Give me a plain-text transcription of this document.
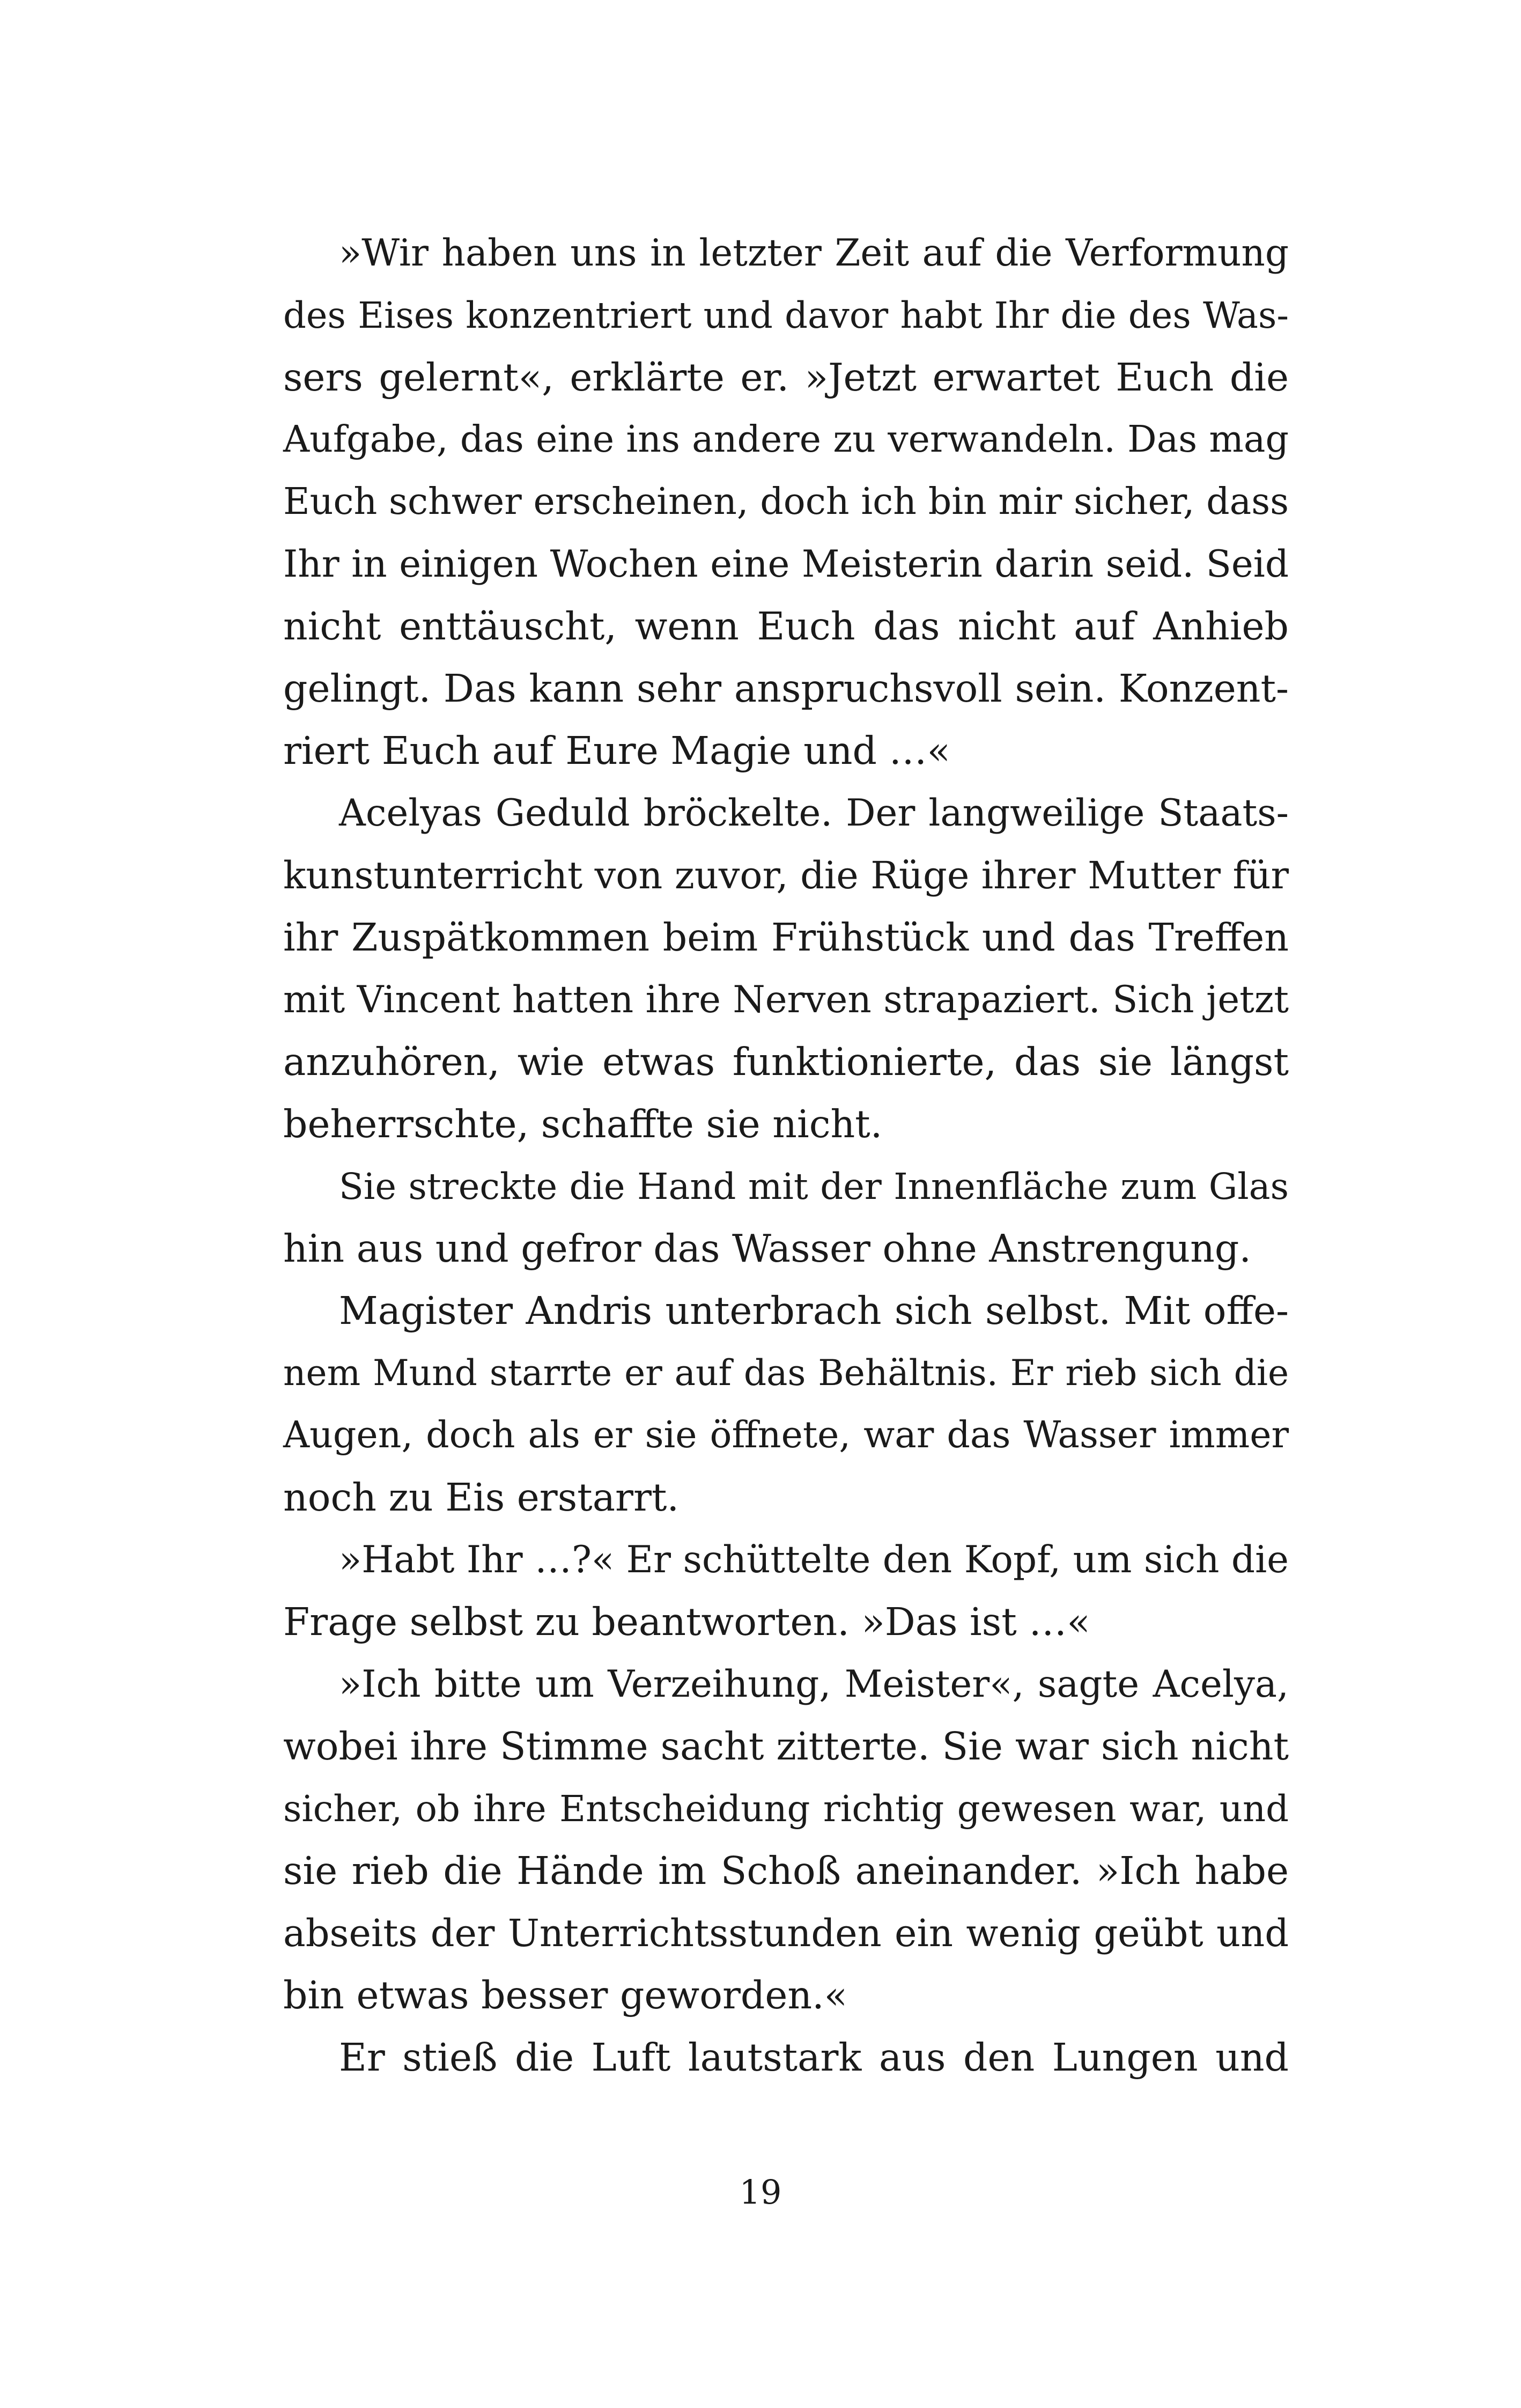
»Wir haben uns in letzter Zeit auf die Verformung
des Eises konzentriert und davor habt Ihr die des Was-
sers gelernt«, erklärte er. »Jetzt erwartet Euch die
Aufgabe, das eine ins andere zu verwandeln. Das mag
Euch schwer erscheinen, doch ich bin mir sicher, dass
Ihr in einigen Wochen eine Meisterin darin seid. Seid
nicht enttäuscht, wenn Euch das nicht auf Anhieb
gelingt. Das kann sehr anspruchsvoll sein. Konzent-
riert Euch auf Eure Magie und …«
Acelyas Geduld bröckelte. Der langweilige Staats-
kunstunterricht von zuvor, die Rüge ihrer Mutter für
ihr Zuspätkommen beim Frühstück und das Treffen
mit Vincent hatten ihre Nerven strapaziert. Sich jetzt
anzuhören, wie etwas funktionierte, das sie längst
beherrschte, schaffte sie nicht.
Sie streckte die Hand mit der Innenfläche zum Glas
hin aus und gefror das Wasser ohne Anstrengung.
Magister Andris unterbrach sich selbst. Mit offe-
nem Mund starrte er auf das Behältnis. Er rieb sich die
Augen, doch als er sie öffnete, war das Wasser immer
noch zu Eis erstarrt.
»Habt Ihr …?« Er schüttelte den Kopf, um sich die
Frage selbst zu beantworten. »Das ist …«
»Ich bitte um Verzeihung, Meister«, sagte Acelya,
wobei ihre Stimme sacht zitterte. Sie war sich nicht
sicher, ob ihre Entscheidung richtig gewesen war, und
sie rieb die Hände im Schoß aneinander. »Ich habe
abseits der Unterrichtsstunden ein wenig geübt und
bin etwas besser geworden.«
Er stieß die Luft lautstark aus den Lungen und
19
